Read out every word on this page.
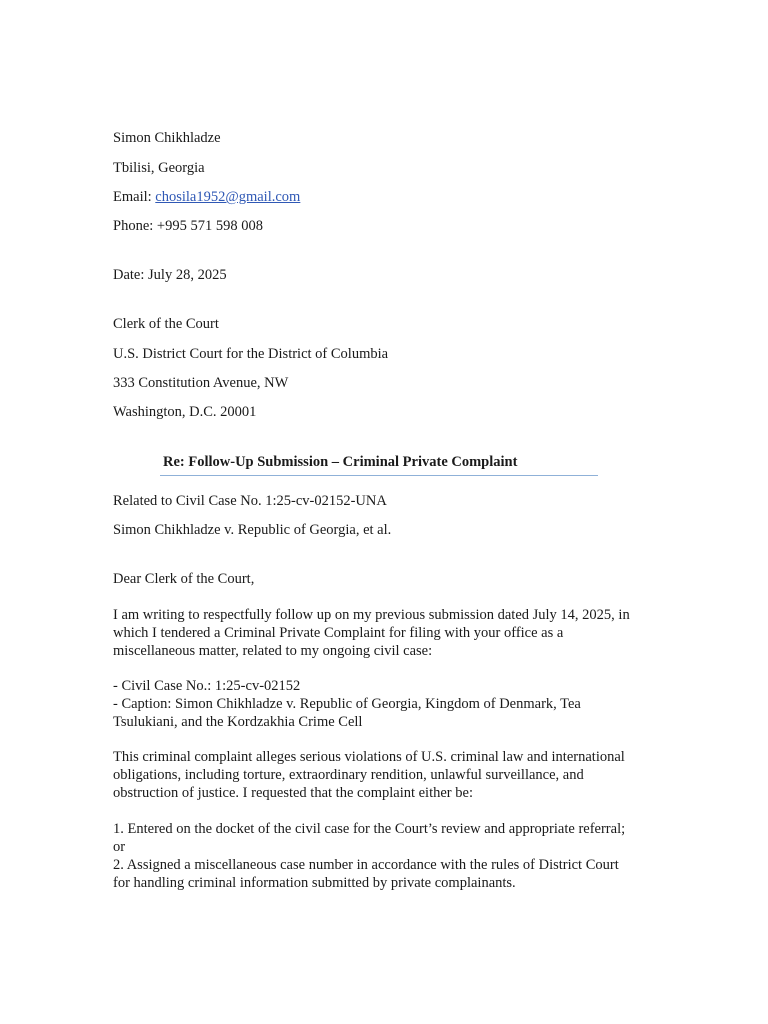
Simon Chikhladze
Tbilisi, Georgia
Email: chosila1952@gmail.com
Phone: +995 571 598 008
Date: July 28, 2025
Clerk of the Court
U.S. District Court for the District of Columbia
333 Constitution Avenue, NW
Washington, D.C. 20001
Re: Follow-Up Submission – Criminal Private Complaint
Related to Civil Case No. 1:25-cv-02152-UNA
Simon Chikhladze v. Republic of Georgia, et al.
Dear Clerk of the Court,
I am writing to respectfully follow up on my previous submission dated July 14, 2025, in
which I tendered a Criminal Private Complaint for filing with your office as a
miscellaneous matter, related to my ongoing civil case:
- Civil Case No.: 1:25-cv-02152
- Caption: Simon Chikhladze v. Republic of Georgia, Kingdom of Denmark, Tea
Tsulukiani, and the Kordzakhia Crime Cell
This criminal complaint alleges serious violations of U.S. criminal law and international
obligations, including torture, extraordinary rendition, unlawful surveillance, and
obstruction of justice. I requested that the complaint either be:
1. Entered on the docket of the civil case for the Court’s review and appropriate referral;
or
2. Assigned a miscellaneous case number in accordance with the rules of District Court
for handling criminal information submitted by private complainants.
